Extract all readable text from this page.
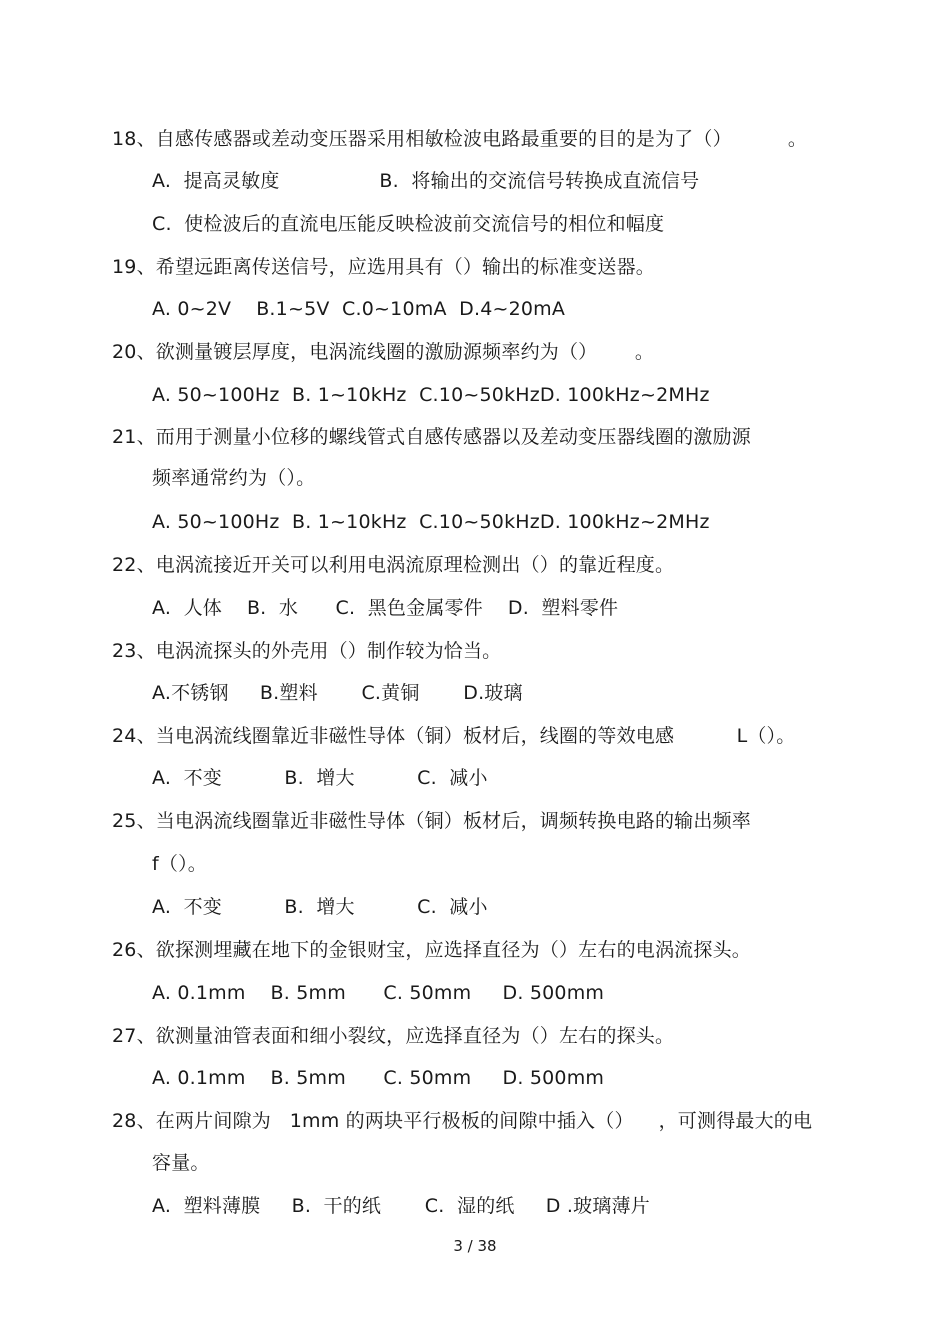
18、自感传感器或差动变压器采用相敏检波电路最重要的目的是为了（）         。
A.  提高灵敏度                B.  将输出的交流信号转换成直流信号
C.  使检波后的直流电压能反映检波前交流信号的相位和幅度
19、希望远距离传送信号，应选用具有（）输出的标准变送器。
A. 0~2V    B.1~5V  C.0~10mA  D.4~20mA
20、欲测量镀层厚度，电涡流线圈的激励源频率约为（）      。
A. 50~100Hz  B. 1~10kHz  C.10~50kHzD. 100kHz~2MHz
21、而用于测量小位移的螺线管式自感传感器以及差动变压器线圈的激励源
频率通常约为（）。
A. 50~100Hz  B. 1~10kHz  C.10~50kHzD. 100kHz~2MHz
22、电涡流接近开关可以利用电涡流原理检测出（）的靠近程度。
A.  人体    B.  水      C.  黑色金属零件    D.  塑料零件
23、电涡流探头的外壳用（）制作较为恰当。
A.不锈钢     B.塑料       C.黄铜       D.玻璃
24、当电涡流线圈靠近非磁性导体（铜）板材后，线圈的等效电感          L（）。
A.  不变          B.  增大          C.  减小
25、当电涡流线圈靠近非磁性导体（铜）板材后，调频转换电路的输出频率
f（）。
A.  不变          B.  增大          C.  减小
26、欲探测埋藏在地下的金银财宝，应选择直径为（）左右的电涡流探头。
A. 0.1mm    B. 5mm      C. 50mm     D. 500mm
27、欲测量油管表面和细小裂纹，应选择直径为（）左右的探头。
A. 0.1mm    B. 5mm      C. 50mm     D. 500mm
28、在两片间隙为   1mm 的两块平行极板的间隙中插入（）    ，可测得最大的电
容量。
A.  塑料薄膜     B.  干的纸       C.  湿的纸     D .玻璃薄片
3 / 38
